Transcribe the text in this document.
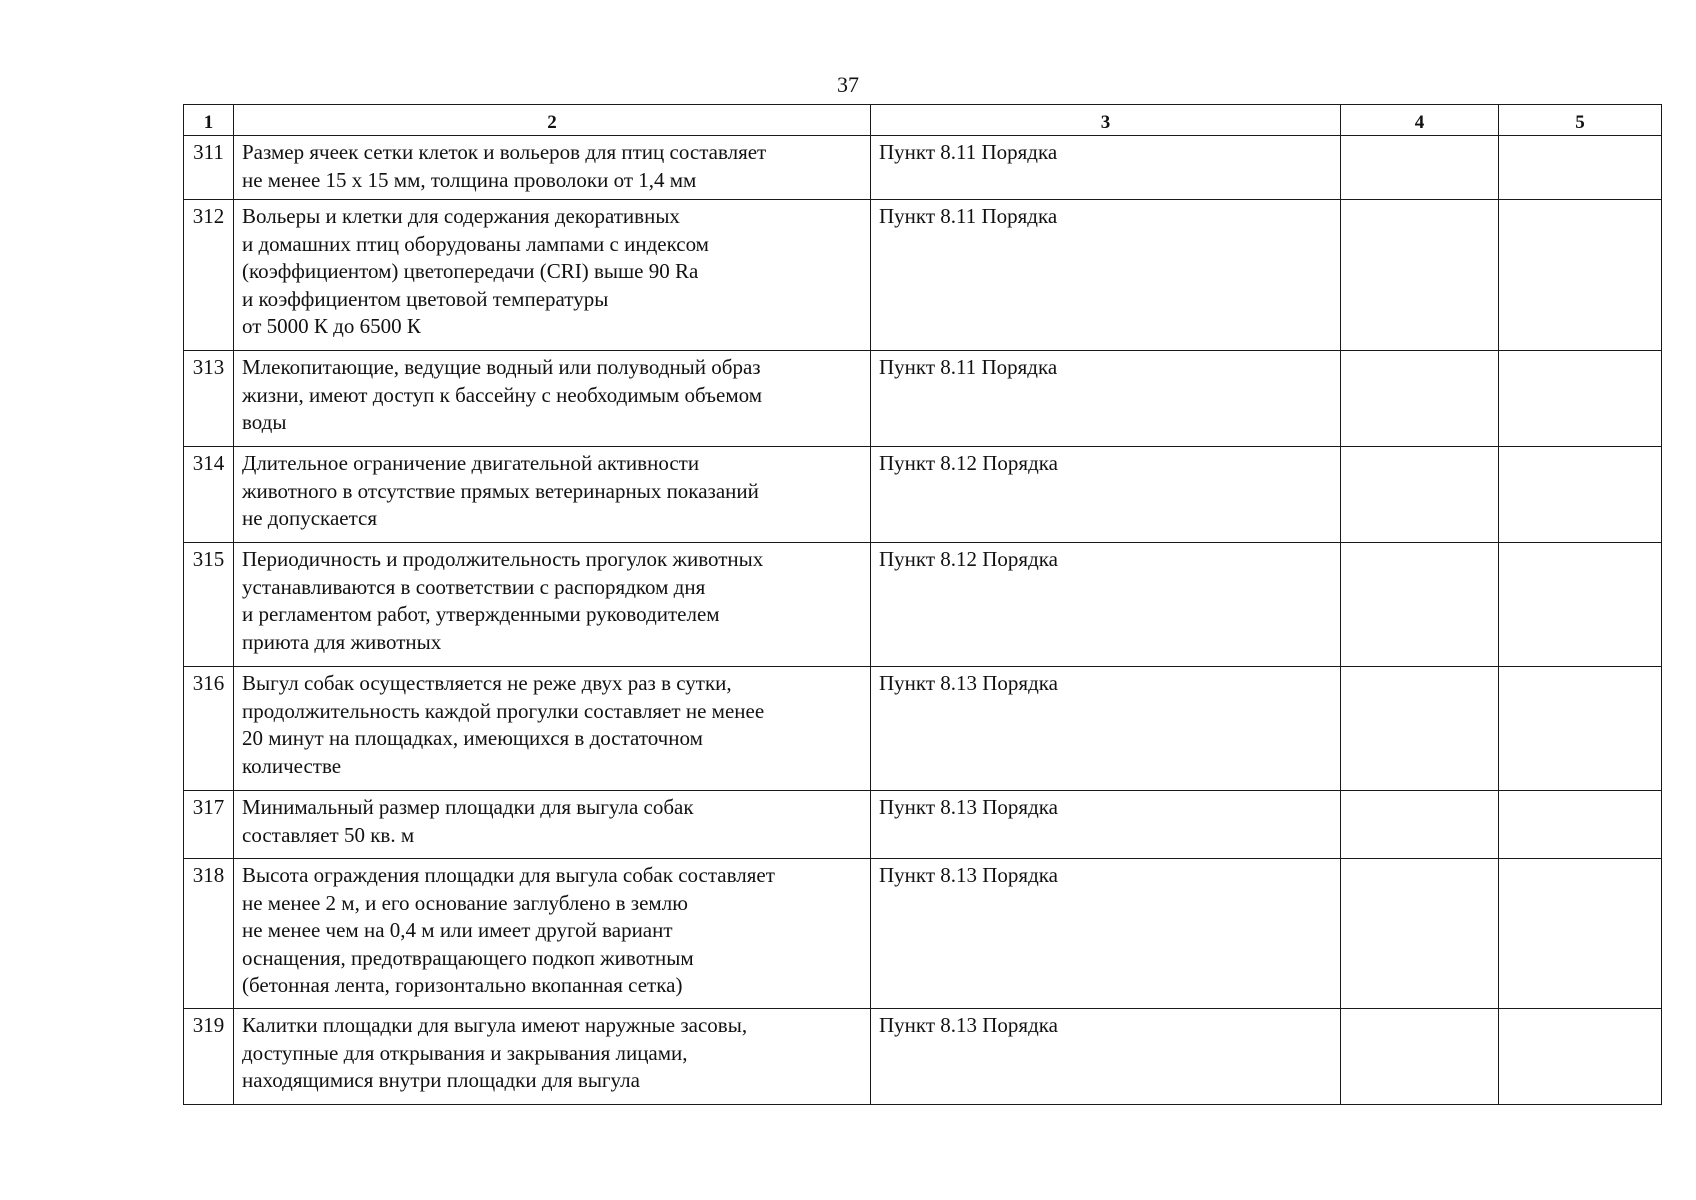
37
1	2	3	4	5
311	Размер ячеек сетки клеток и вольеров для птиц составляет
не менее 15 х 15 мм, толщина проволоки от 1,4 мм	Пункт 8.11 Порядка		
312	Вольеры и клетки для содержания декоративных
и домашних птиц оборудованы лампами с индексом
(коэффициентом) цветопередачи (CRI) выше 90 Ra
и коэффициентом цветовой температуры
от 5000 К до 6500 К	Пункт 8.11 Порядка		
313	Млекопитающие, ведущие водный или полуводный образ
жизни, имеют доступ к бассейну с необходимым объемом
воды	Пункт 8.11 Порядка		
314	Длительное ограничение двигательной активности
животного в отсутствие прямых ветеринарных показаний
не допускается	Пункт 8.12 Порядка		
315	Периодичность и продолжительность прогулок животных
устанавливаются в соответствии с распорядком дня
и регламентом работ, утвержденными руководителем
приюта для животных	Пункт 8.12 Порядка		
316	Выгул собак осуществляется не реже двух раз в сутки,
продолжительность каждой прогулки составляет не менее
20 минут на площадках, имеющихся в достаточном
количестве	Пункт 8.13 Порядка		
317	Минимальный размер площадки для выгула собак
составляет 50 кв. м	Пункт 8.13 Порядка		
318	Высота ограждения площадки для выгула собак составляет
не менее 2 м, и его основание заглублено в землю
не менее чем на 0,4 м или имеет другой вариант
оснащения, предотвращающего подкоп животным
(бетонная лента, горизонтально вкопанная сетка)	Пункт 8.13 Порядка		
319	Калитки площадки для выгула имеют наружные засовы,
доступные для открывания и закрывания лицами,
находящимися внутри площадки для выгула	Пункт 8.13 Порядка		
